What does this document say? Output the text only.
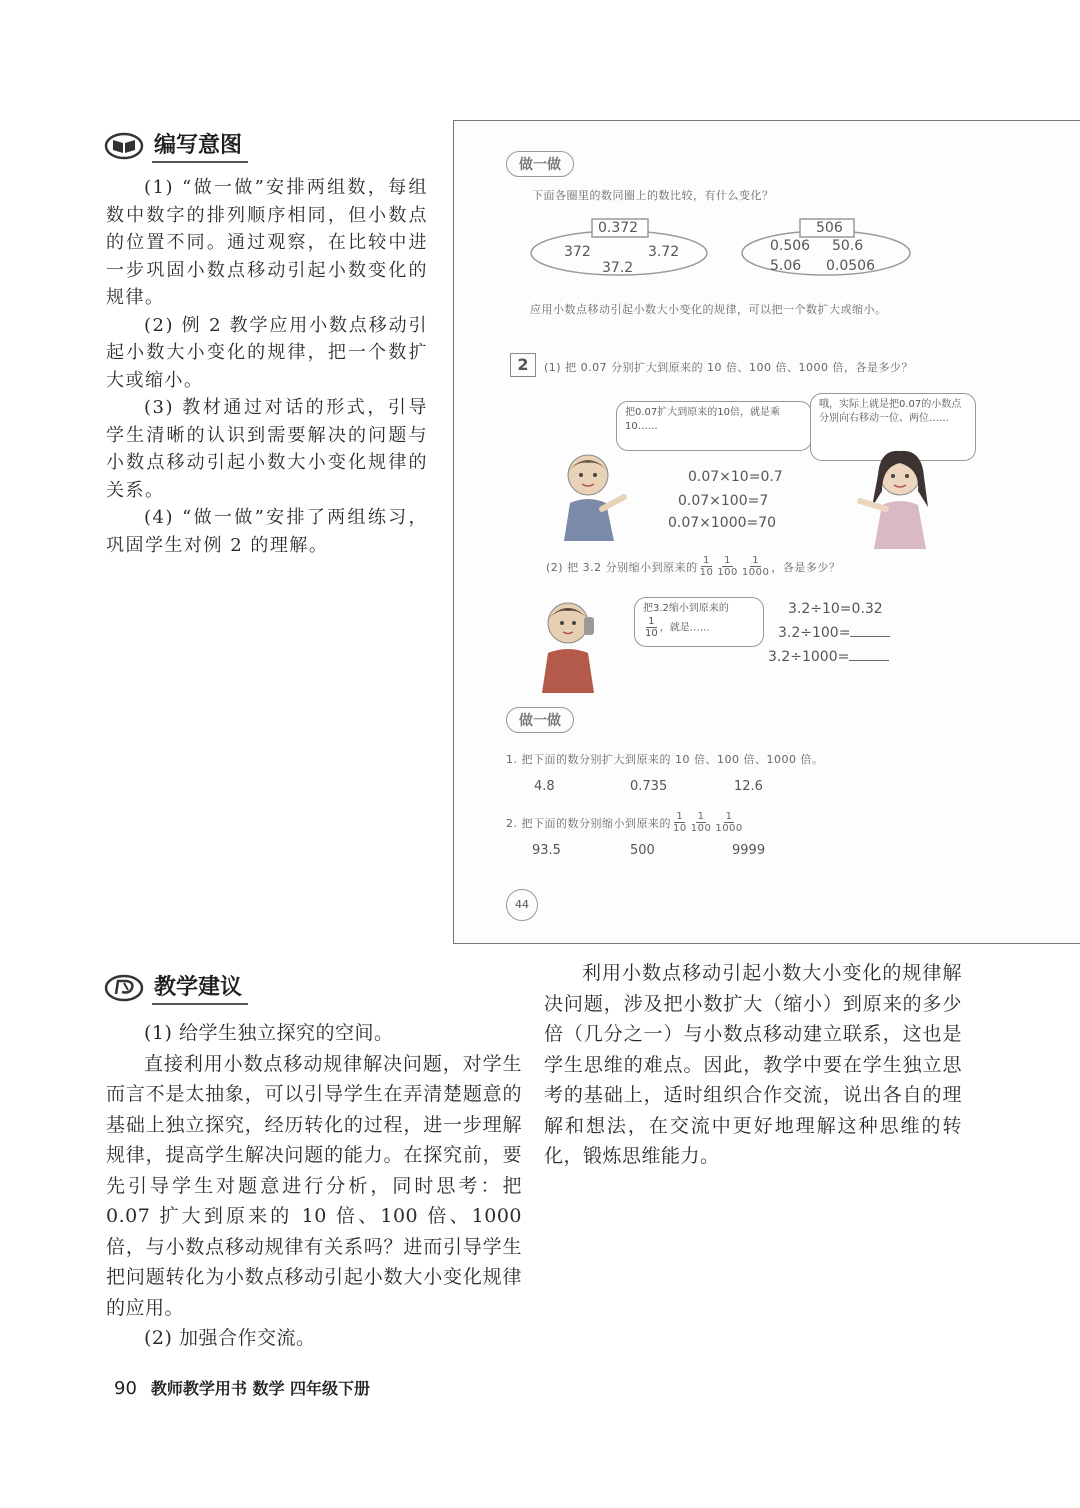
编写意图

(1) “做一做”安排两组数，每组数中数字的排列顺序相同，但小数点的位置不同。通过观察，在比较中进一步巩固小数点移动引起小数变化的规律。

(2) 例 2 教学应用小数点移动引起小数大小变化的规律，把一个数扩大或缩小。

(3) 教材通过对话的形式，引导学生清晰的认识到需要解决的问题与小数点移动引起小数大小变化规律的关系。

(4) “做一做”安排了两组练习，巩固学生对例 2 的理解。

做一做
下面各圈里的数同圈上的数比较，有什么变化？
0.372
372	3.72
37.2
506
0.506 50.6
5.06 0.0506
应用小数点移动引起小数大小变化的规律，可以把一个数扩大或缩小。
2	(1) 把 0.07 分别扩大到原来的 10 倍、100 倍、1000 倍，各是多少？
把0.07扩大到原来的10倍，就是乘10……
哦，实际上就是把0.07的小数点分别向右移动一位、两位……
0.07×10=0.7
0.07×100=7
0.07×1000=70
(2) 把 3.2 分别缩小到原来的 $\frac{1}{10} \frac{1}{100} \frac{1}{1000}$ ，各是多少？
把3.2缩小到原来的

$\frac{1}{10}$ ，就是……
3.2÷10=0.32
3.2÷100=
3.2÷1000=
做一做
1. 把下面的数分别扩大到原来的 10 倍、100 倍、1000 倍。
4.8	0.735	12.6
2. 把下面的数分别缩小到原来的 $\frac{1}{10} \frac{1}{100} \frac{1}{1000}$
93.5	500	9999
44
教学建议

(1) 给学生独立探究的空间。

直接利用小数点移动规律解决问题，对学生而言不是太抽象，可以引导学生在弄清楚题意的基础上独立探究，经历转化的过程，进一步理解规律，提高学生解决问题的能力。在探究前，要先引导学生对题意进行分析，同时思考：把 0.07 扩大到原来的 10 倍、100 倍、1000倍，与小数点移动规律有关系吗？进而引导学生把问题转化为小数点移动引起小数大小变化规律的应用。

(2) 加强合作交流。

利用小数点移动引起小数大小变化的规律解决问题，涉及把小数扩大（缩小）到原来的多少倍（几分之一）与小数点移动建立联系，这也是学生思维的难点。因此，教学中要在学生独立思考的基础上，适时组织合作交流，说出各自的理解和想法，在交流中更好地理解这种思维的转化，锻炼思维能力。

90 教师教学用书 数学 四年级下册
